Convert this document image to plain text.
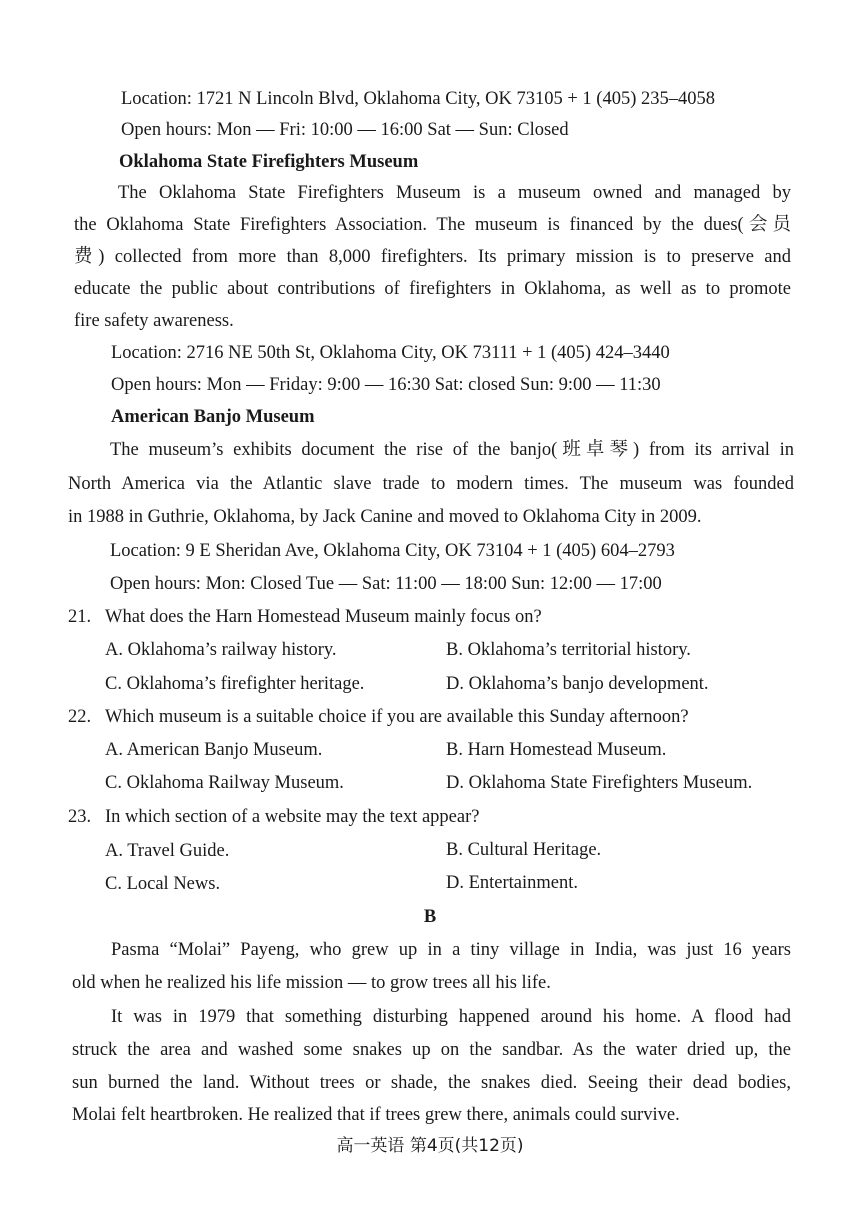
Location: 1721 N Lincoln Blvd, Oklahoma City, OK 73105 + 1 (405) 235–4058
Open hours: Mon — Fri: 10:00 — 16:00 Sat — Sun: Closed
Oklahoma State Firefighters Museum
The Oklahoma State Firefighters Museum is a museum owned and managed by
the Oklahoma State Firefighters Association. The museum is financed by the dues(会员
费) collected from more than 8,000 firefighters. Its primary mission is to preserve and
educate the public about contributions of firefighters in Oklahoma, as well as to promote
fire safety awareness.
Location: 2716 NE 50th St, Oklahoma City, OK 73111 + 1 (405) 424–3440
Open hours: Mon — Friday: 9:00 — 16:30 Sat: closed Sun: 9:00 — 11:30
American Banjo Museum
The museum’s exhibits document the rise of the banjo(班卓琴) from its arrival in
North America via the Atlantic slave trade to modern times. The museum was founded
in 1988 in Guthrie, Oklahoma, by Jack Canine and moved to Oklahoma City in 2009.
Location: 9 E Sheridan Ave, Oklahoma City, OK 73104 + 1 (405) 604–2793
Open hours: Mon: Closed Tue — Sat: 11:00 — 18:00 Sun: 12:00 — 17:00
21. What does the Harn Homestead Museum mainly focus on?
A. Oklahoma’s railway history.	B. Oklahoma’s territorial history.
C. Oklahoma’s firefighter heritage.	D. Oklahoma’s banjo development.
22. Which museum is a suitable choice if you are available this Sunday afternoon?
A. American Banjo Museum.	B. Harn Homestead Museum.
C. Oklahoma Railway Museum.	D. Oklahoma State Firefighters Museum.
23. In which section of a website may the text appear?
A. Travel Guide.	B. Cultural Heritage.
C. Local News.	D. Entertainment.
B
Pasma “Molai” Payeng, who grew up in a tiny village in India, was just 16 years
old when he realized his life mission — to grow trees all his life.
It was in 1979 that something disturbing happened around his home. A flood had
struck the area and washed some snakes up on the sandbar. As the water dried up, the
sun burned the land. Without trees or shade, the snakes died. Seeing their dead bodies,
Molai felt heartbroken. He realized that if trees grew there, animals could survive.
高一英语 第4页(共12页)
